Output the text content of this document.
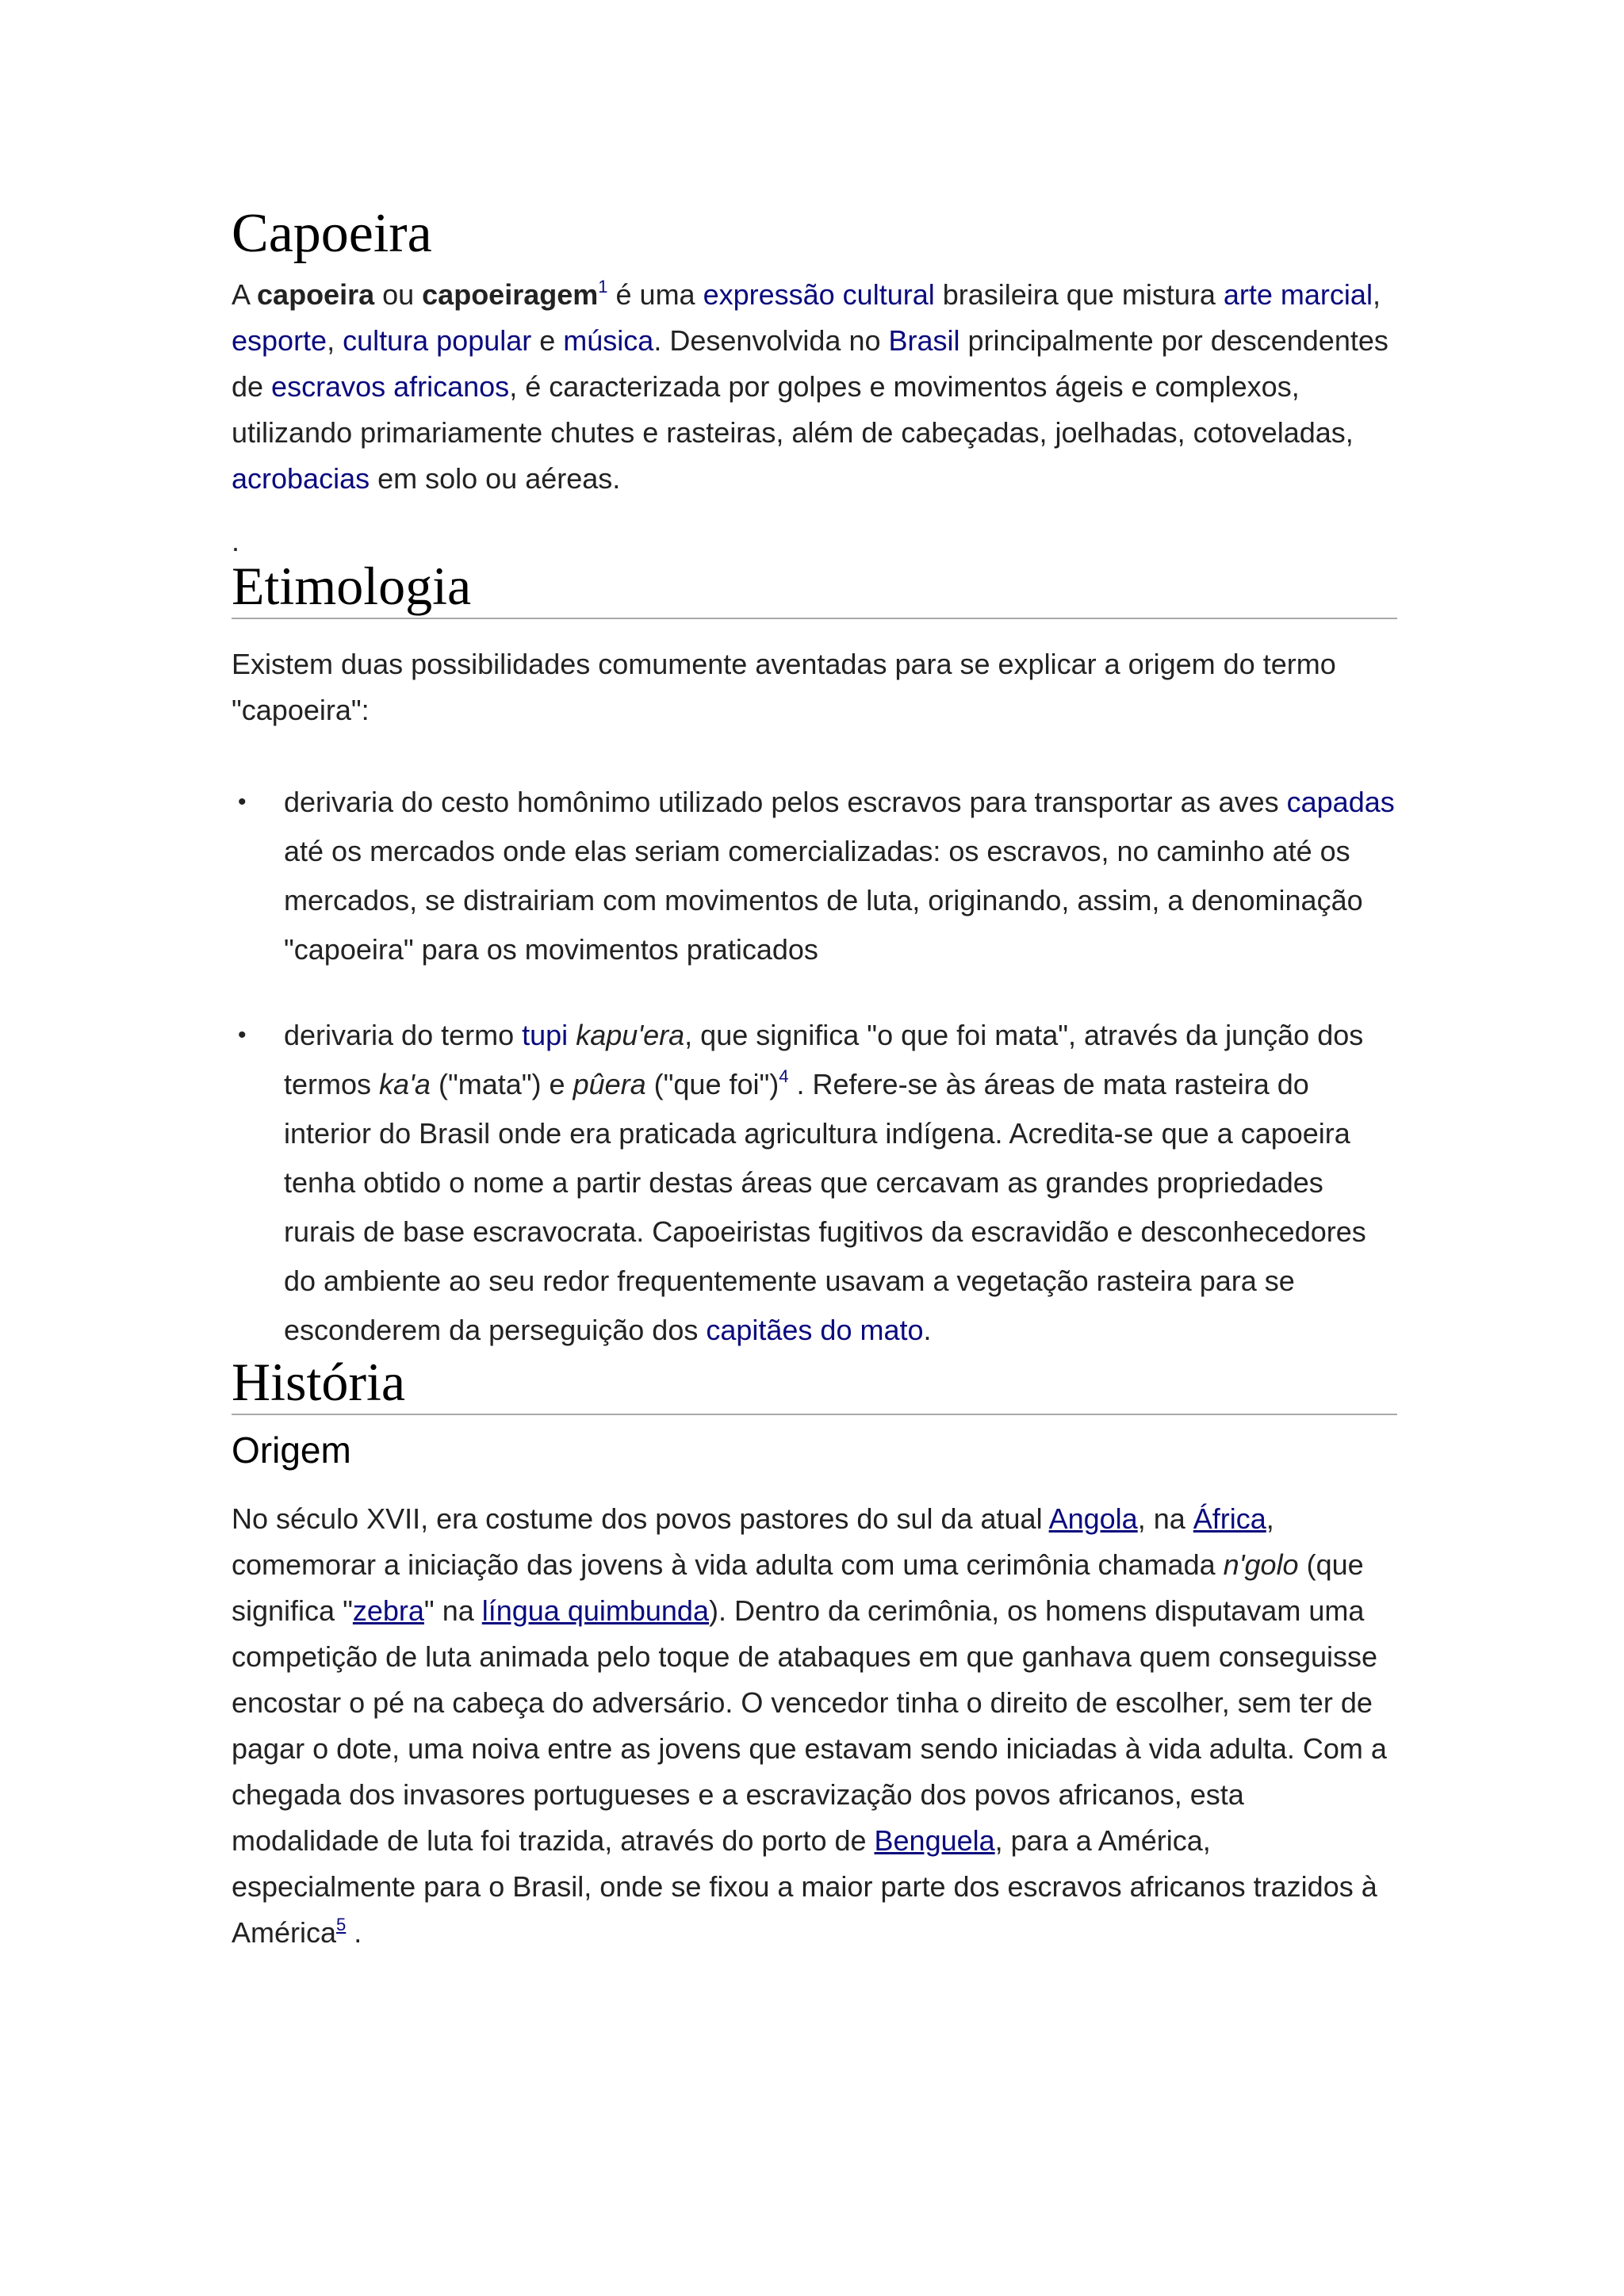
Capoeira

A capoeira ou capoeiragem$^1$ é uma expressão cultural brasileira que mistura arte marcial, esporte, cultura popular e música. Desenvolvida no Brasil principalmente por descendentes de escravos africanos, é caracterizada por golpes e movimentos ágeis e complexos, utilizando primariamente chutes e rasteiras, além de cabeçadas, joelhadas, cotoveladas, acrobacias em solo ou aéreas.

.
Etimologia

Existem duas possibilidades comumente aventadas para se explicar a origem do termo "capoeira":

• derivaria do cesto homônimo utilizado pelos escravos para transportar as aves capadas até os mercados onde elas seriam comercializadas: os escravos, no caminho até os mercados, se distrairiam com movimentos de luta, originando, assim, a denominação "capoeira" para os movimentos praticados
• derivaria do termo tupi kapu'era, que significa "o que foi mata", através da junção dos termos ka'a ("mata") e pûera ("que foi")$^4$ . Refere-se às áreas de mata rasteira do interior do Brasil onde era praticada agricultura indígena. Acredita-se que a capoeira tenha obtido o nome a partir destas áreas que cercavam as grandes propriedades rurais de base escravocrata. Capoeiristas fugitivos da escravidão e desconhecedores do ambiente ao seu redor frequentemente usavam a vegetação rasteira para se esconderem da perseguição dos capitães do mato.
História
Origem

No século XVII, era costume dos povos pastores do sul da atual Angola, na África, comemorar a iniciação das jovens à vida adulta com uma cerimônia chamada n'golo (que significa "zebra" na língua quimbunda). Dentro da cerimônia, os homens disputavam uma competição de luta animada pelo toque de atabaques em que ganhava quem conseguisse encostar o pé na cabeça do adversário. O vencedor tinha o direito de escolher, sem ter de pagar o dote, uma noiva entre as jovens que estavam sendo iniciadas à vida adulta. Com a chegada dos invasores portugueses e a escravização dos povos africanos, esta modalidade de luta foi trazida, através do porto de Benguela, para a América, especialmente para o Brasil, onde se fixou a maior parte dos escravos africanos trazidos à América$^5$ .
